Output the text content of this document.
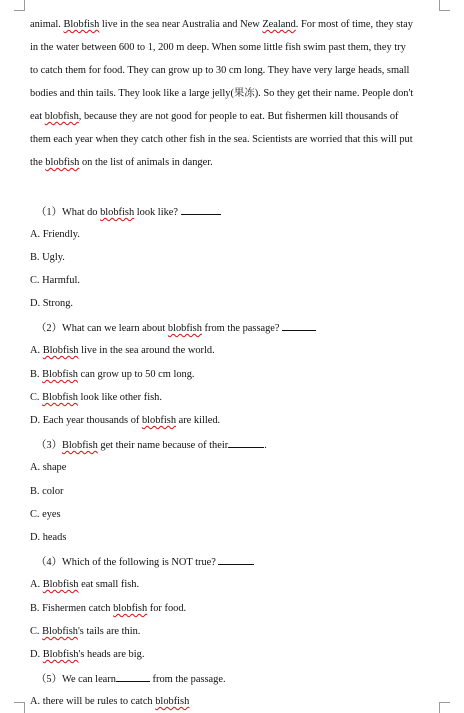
animal. Blobfish live in the sea near Australia and New Zealand. For most of time, they stay
in the water between 600 to 1, 200 m deep. When some little fish swim past them, they try
to catch them for food. They can grow up to 30 cm long. They have very large heads, small
bodies and thin tails. They look like a large jelly(果冻). So they get their name. People don't
eat blobfish, because they are not good for people to eat. But fishermen kill thousands of
them each year when they catch other fish in the sea. Scientists are worried that this will put
the blobfish on the list of animals in danger.
（1）What do blobfish look like?
A. Friendly.
B. Ugly.
C. Harmful.
D. Strong.
（2）What can we learn about blobfish from the passage?
A. Blobfish live in the sea around the world.
B. Blobfish can grow up to 50 cm long.
C. Blobfish look like other fish.
D. Each year thousands of blobfish are killed.
（3）Blobfish get their name because of their	.
A. shape
B. color
C. eyes
D. heads
（4）Which of the following is NOT true?
A. Blobfish eat small fish.
B. Fishermen catch blobfish for food.
C. Blobfish's tails are thin.
D. Blobfish's heads are big.
（5）We can learn	from the passage.
A. there will be rules to catch blobfish
